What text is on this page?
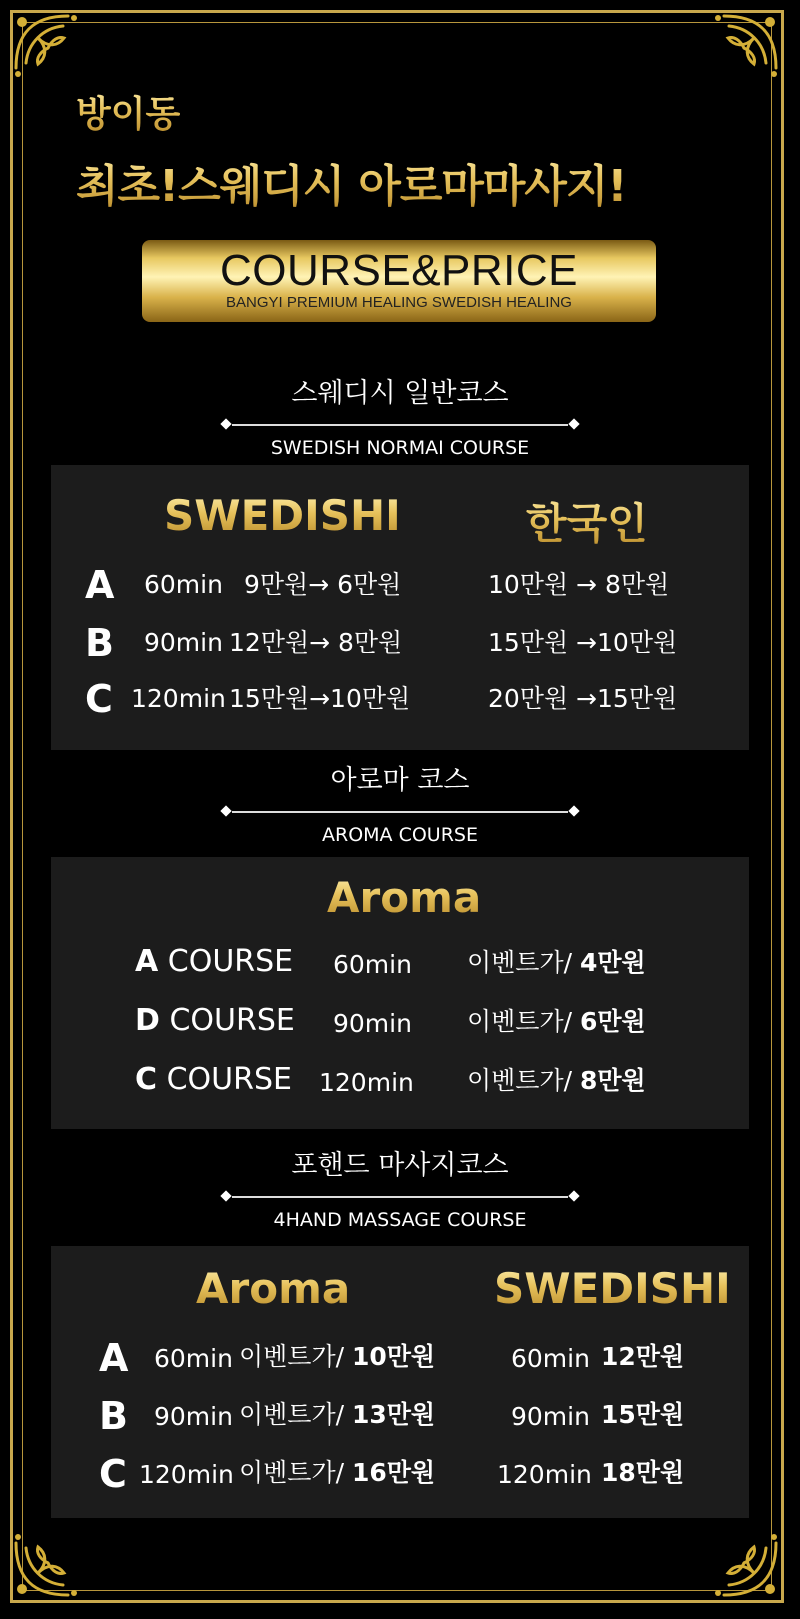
방이동
최초!스웨디시 아로마마사지!
COURSE&PRICE
BANGYI PREMIUM HEALING SWEDISH HEALING
스웨디시 일반코스
SWEDISH NORMAI COURSE
SWEDISHI	한국인
A 60min 9만원→ 6만원	10만원 → 8만원
B 90min 12만원→ 8만원	15만원 →10만원
C 120min 15만원→10만원	20만원 →15만원
아로마 코스
AROMA COURSE
Aroma
A COURSE 60min 이벤트가/ 4만원
D COURSE 90min 이벤트가/ 6만원
C COURSE 120min 이벤트가/ 8만원
포핸드 마사지코스
4HAND MASSAGE COURSE
Aroma	SWEDISHI
A 60min 이벤트가/ 10만원	60min 12만원
B 90min 이벤트가/ 13만원	90min 15만원
C 120min 이벤트가/ 16만원 120min 18만원
